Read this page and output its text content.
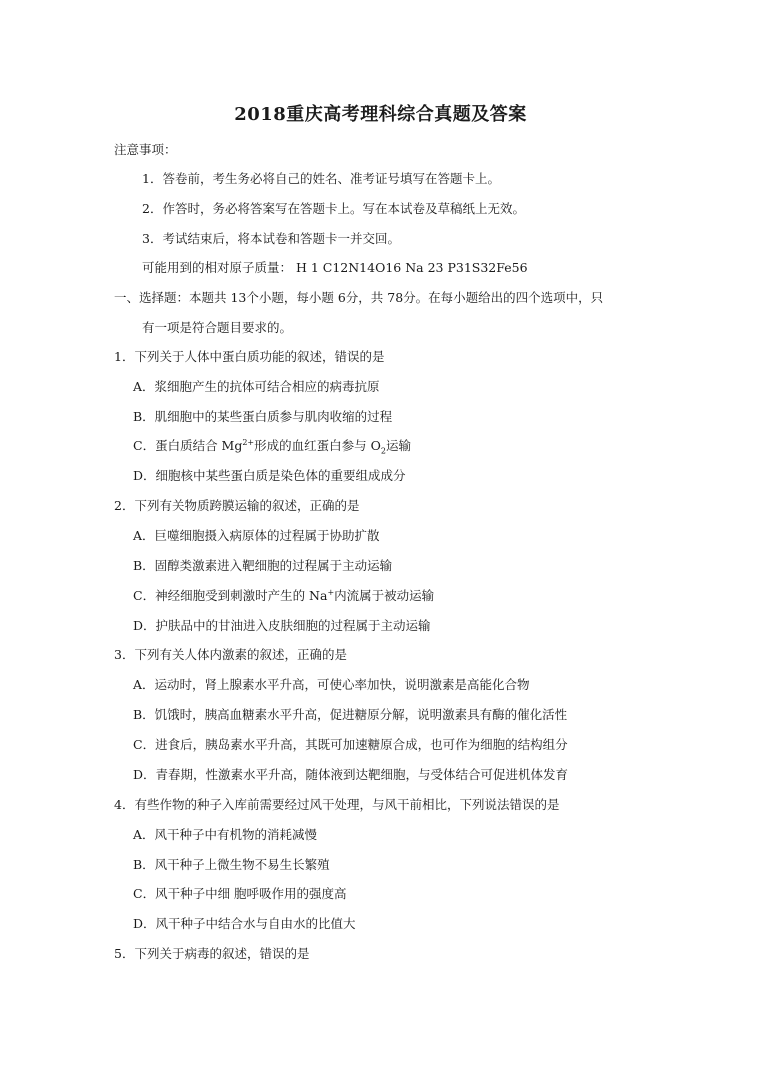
2018重庆高考理科综合真题及答案
注意事项：
1．答卷前，考生务必将自己的姓名、准考证号填写在答题卡上。
2．作答时，务必将答案写在答题卡上。写在本试卷及草稿纸上无效。
3．考试结束后，将本试卷和答题卡一并交回。
可能用到的相对原子质量： H 1 C12N14O16 Na 23 P31S32Fe56
一、选择题：本题共 13个小题，每小题 6分，共 78分。在每小题给出的四个选项中，只
有一项是符合题目要求的。
1．下列关于人体中蛋白质功能的叙述，错误的是
A．浆细胞产生的抗体可结合相应的病毒抗原
B．肌细胞中的某些蛋白质参与肌肉收缩的过程
C．蛋白质结合 $Mg^{2+}$形成的血红蛋白参与 $O_2$运输
D．细胞核中某些蛋白质是染色体的重要组成成分
2．下列有关物质跨膜运输的叙述，正确的是
A．巨噬细胞摄入病原体的过程属于协助扩散
B．固醇类激素进入靶细胞的过程属于主动运输
C．神经细胞受到刺激时产生的 Na+内流属于被动运输
D．护肤品中的甘油进入皮肤细胞的过程属于主动运输
3．下列有关人体内激素的叙述，正确的是
A．运动时，肾上腺素水平升高，可使心率加快，说明激素是高能化合物
B．饥饿时，胰高血糖素水平升高，促进糖原分解，说明激素具有酶的催化活性
C．进食后，胰岛素水平升高，其既可加速糖原合成，也可作为细胞的结构组分
D．青春期，性激素水平升高，随体液到达靶细胞，与受体结合可促进机体发育
4．有些作物的种子入库前需要经过风干处理，与风干前相比，下列说法错误的是
A．风干种子中有机物的消耗减慢
B．风干种子上微生物不易生长繁殖
C．风干种子中细 胞呼吸作用的强度高
D．风干种子中结合水与自由水的比值大
5．下列关于病毒的叙述，错误的是
